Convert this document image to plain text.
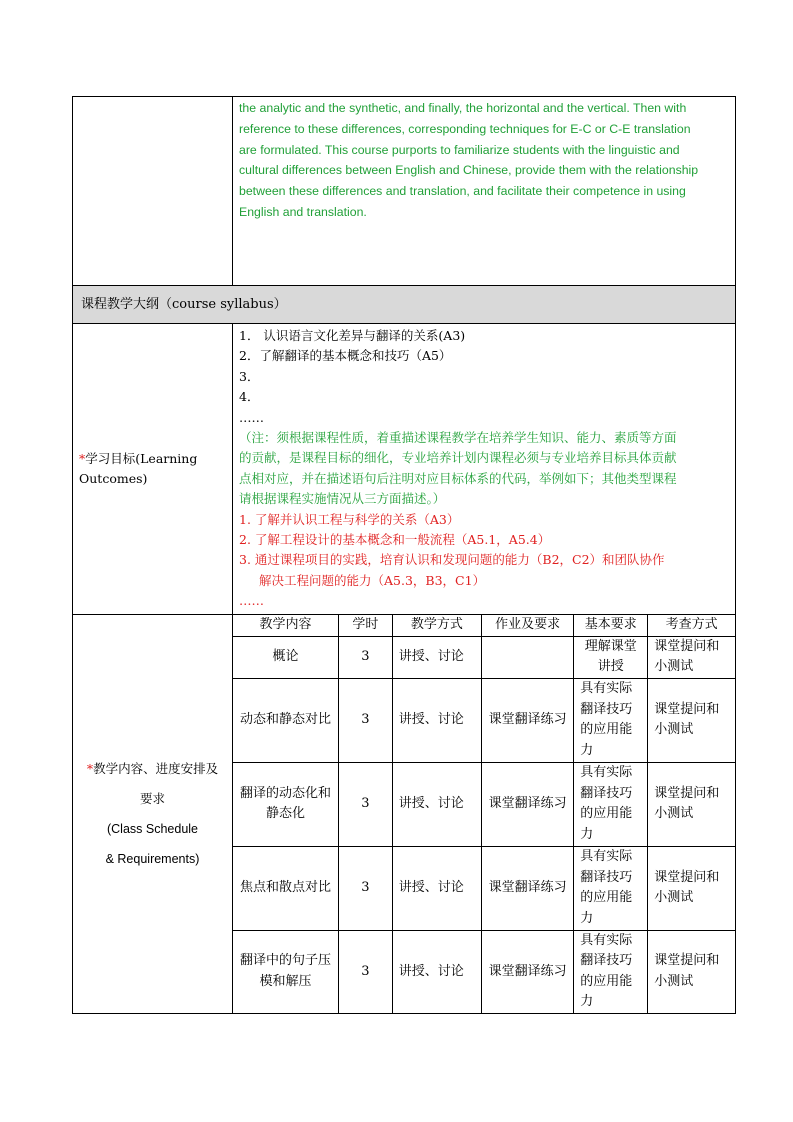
the analytic and the synthetic, and finally, the horizontal and the vertical. Then with
reference to these differences, corresponding techniques for E-C or C-E translation
are formulated. This course purports to familiarize students with the linguistic and
cultural differences between English and Chinese, provide them with the relationship
between these differences and translation, and facilitate their competence in using
English and translation.

课程教学大纲（course syllabus）

*学习目标(Learning
Outcomes)

1． 认识语言文化差异与翻译的关系(A3)
2．了解翻译的基本概念和技巧（A5）
3．
4．
……
（注：须根据课程性质，着重描述课程教学在培养学生知识、能力、素质等方面
的贡献，是课程目标的细化，专业培养计划内课程必须与专业培养目标具体贡献
点相对应，并在描述语句后注明对应目标体系的代码，举例如下；其他类型课程
请根据课程实施情况从三方面描述。）
1. 了解并认识工程与科学的关系（A3）
2. 了解工程设计的基本概念和一般流程（A5.1，A5.4）
3. 通过课程项目的实践，培育认识和发现问题的能力（B2，C2）和团队协作
解决工程问题的能力（A5.3，B3，C1）
……

*教学内容、进度安排及
要求
(Class Schedule
& Requirements)

教学内容	学时	教学方式	作业及要求	基本要求	考查方式
概论	3	讲授、讨论		理解课堂讲授	课堂提问和小测试
动态和静态对比	3	讲授、讨论	课堂翻译练习	具有实际翻译技巧的应用能力	课堂提问和小测试
翻译的动态化和静态化	3	讲授、讨论	课堂翻译练习	具有实际翻译技巧的应用能力	课堂提问和小测试
焦点和散点对比	3	讲授、讨论	课堂翻译练习	具有实际翻译技巧的应用能力	课堂提问和小测试
翻译中的句子压模和解压	3	讲授、讨论	课堂翻译练习	具有实际翻译技巧的应用能力	课堂提问和小测试
